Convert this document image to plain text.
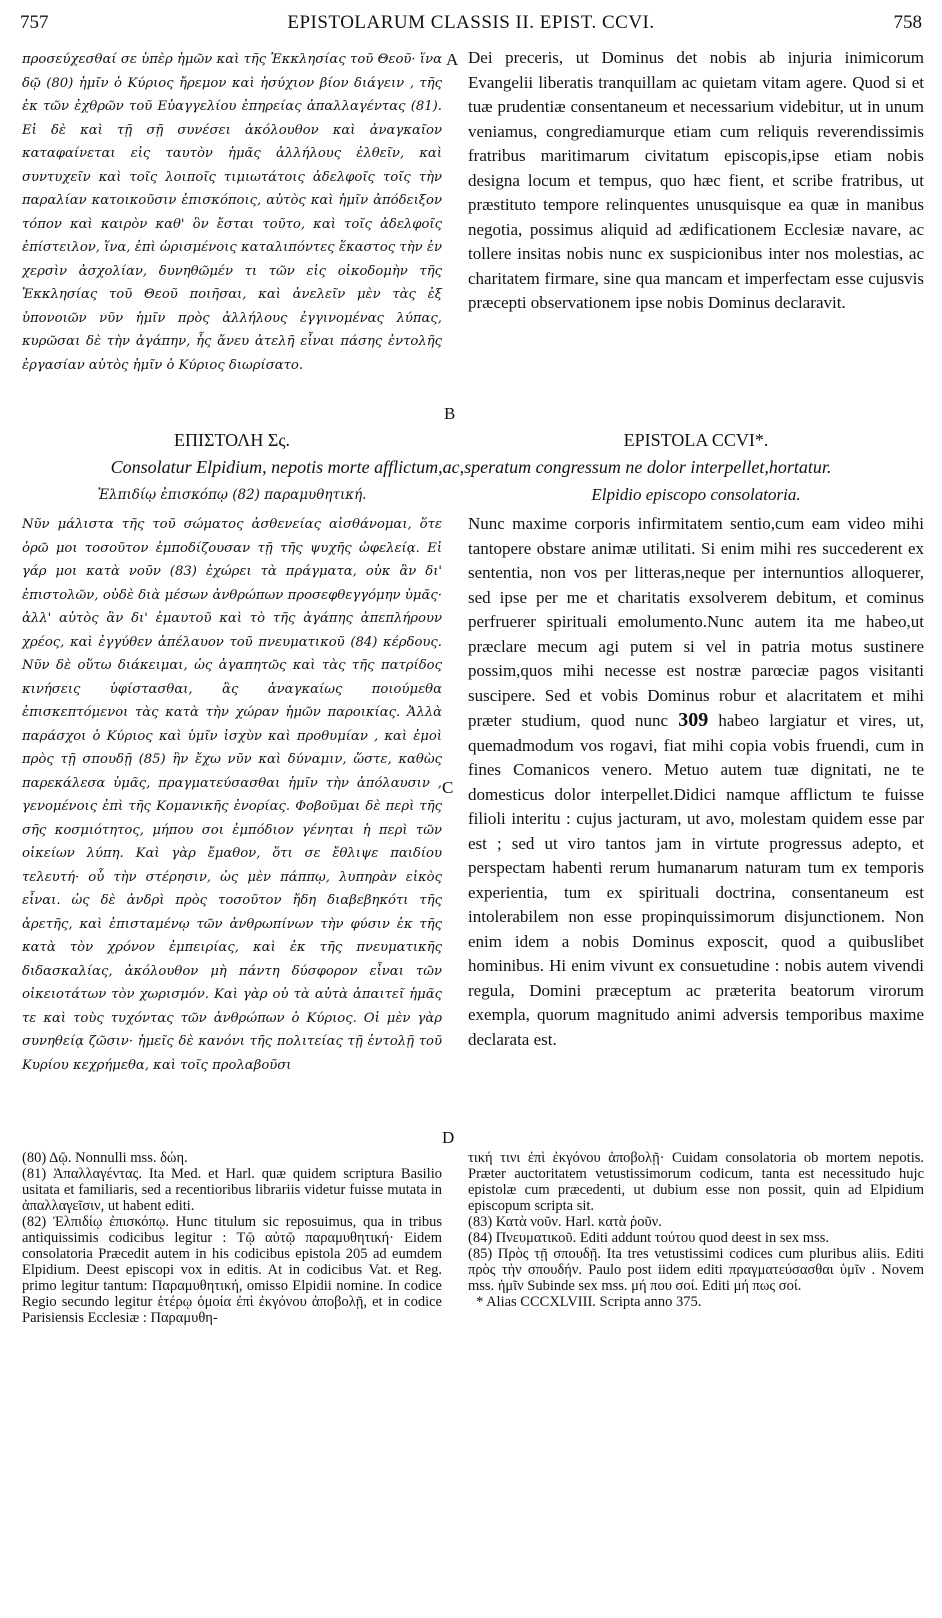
757	EPISTOLARUM CLASSIS II. EPIST. CCVI.	758

προσεύχεσθαί σε ὑπὲρ ἡμῶν καὶ τῆς Ἐκκλησίας τοῦ Θεοῦ· ἵνα δῷ (80) ἡμῖν ὁ Κύριος ἤρεμον καὶ ἡσύχιον βίον διάγειν , τῆς ἐκ τῶν ἐχθρῶν τοῦ Εὐαγγελίου ἐπηρείας ἀπαλλαγέντας (81). Εἰ δὲ καὶ τῇ σῇ συνέσει ἀκόλουθον καὶ ἀναγκαῖον καταφαίνεται εἰς ταυτὸν ἡμᾶς ἀλλήλους ἐλθεῖν, καὶ συντυχεῖν καὶ τοῖς λοιποῖς τιμιωτάτοις ἀδελφοῖς τοῖς τὴν παραλίαν κατοικοῦσιν ἐπισκόποις, αὐτὸς καὶ ἡμῖν ἀπόδειξον τόπον καὶ καιρὸν καθ' ὃν ἔσται τοῦτο, καὶ τοῖς ἀδελφοῖς ἐπίστειλον, ἵνα, ἐπὶ ὡρισμένοις καταλιπόντες ἕκαστος τὴν ἐν χερσὶν ἀσχολίαν, δυνηθῶμέν τι τῶν εἰς οἰκοδομὴν τῆς Ἐκκλησίας τοῦ Θεοῦ ποιῆσαι, καὶ ἀνελεῖν μὲν τὰς ἐξ ὑπονοιῶν νῦν ἡμῖν πρὸς ἀλλήλους ἐγγινομένας λύπας, κυρῶσαι δὲ τὴν ἀγάπην, ἧς ἄνευ ἀτελῆ εἶναι πάσης ἐντολῆς ἐργασίαν αὐτὸς ἡμῖν ὁ Κύριος διωρίσατο.

Dei preceris, ut Dominus det nobis ab injuria inimicorum Evangelii liberatis tranquillam ac quietam vitam agere. Quod si et tuæ prudentiæ consentaneum et necessarium videbitur, ut in unum veniamus, congrediamurque etiam cum reliquis reverendissimis fratribus maritimarum civitatum episcopis,ipse etiam nobis designa locum et tempus, quo hæc fient, et scribe fratribus, ut præstituto tempore relinquentes unusquisque ea quæ in manibus negotia, possimus aliquid ad ædificationem Ecclesiæ navare, ac tollere insitas nobis nunc ex suspicionibus inter nos molestias, ac charitatem firmare, sine qua mancam et imperfectam esse cujusvis præcepti observationem ipse nobis Dominus declaravit.

A
B
ΕΠΙΣΤΟΛΗ Σς.	EPISTOLA CCVI*.
Consolatur Elpidium, nepotis morte afflictum,ac,speratum congressum ne dolor interpellet,hortatur.
Ἐλπιδίῳ ἐπισκόπῳ (82) παραμυθητική.	Elpidio episcopo consolatoria.

Νῦν μάλιστα τῆς τοῦ σώματος ἀσθενείας αἰσθάνομαι, ὅτε ὁρῶ μοι τοσοῦτον ἐμποδίζουσαν τῇ τῆς ψυχῆς ὠφελείᾳ. Εἰ γάρ μοι κατὰ νοῦν (83) ἐχώρει τὰ πράγματα, οὐκ ἂν δι' ἐπιστολῶν, οὐδὲ διὰ μέσων ἀνθρώπων προσεφθεγγόμην ὑμᾶς· ἀλλ' αὐτὸς ἂν δι' ἐμαυτοῦ καὶ τὸ τῆς ἀγάπης ἀπεπλήρουν χρέος, καὶ ἐγγύθεν ἀπέλαυον τοῦ πνευματικοῦ (84) κέρδους. Νῦν δὲ οὕτω διάκειμαι, ὡς ἀγαπητῶς καὶ τὰς τῆς πατρίδος κινήσεις ὑφίστασθαι, ἃς ἀναγκαίως ποιούμεθα ἐπισκεπτόμενοι τὰς κατὰ τὴν χώραν ἡμῶν παροικίας. Ἀλλὰ παράσχοι ὁ Κύριος καὶ ὑμῖν ἰσχὺν καὶ προθυμίαν , καὶ ἐμοὶ πρὸς τῇ σπουδῇ (85) ἣν ἔχω νῦν καὶ δύναμιν, ὥστε, καθὼς παρεκάλεσα ὑμᾶς, πραγματεύσασθαι ἡμῖν τὴν ἀπόλαυσιν , γενομένοις ἐπὶ τῆς Κομανικῆς ἐνορίας. Φοβοῦμαι δὲ περὶ τῆς σῆς κοσμιότητος, μήπου σοι ἐμπόδιον γένηται ἡ περὶ τῶν οἰκείων λύπη. Καὶ γὰρ ἔμαθον, ὅτι σε ἔθλιψε παιδίου τελευτή· οὗ τὴν στέρησιν, ὡς μὲν πάππῳ, λυπηρὰν εἰκὸς εἶναι. ὡς δὲ ἀνδρὶ πρὸς τοσοῦτον ἤδη διαβεβηκότι τῆς ἀρετῆς, καὶ ἐπισταμένῳ τῶν ἀνθρωπίνων τὴν φύσιν ἐκ τῆς κατὰ τὸν χρόνον ἐμπειρίας, καὶ ἐκ τῆς πνευματικῆς διδασκαλίας, ἀκόλουθον μὴ πάντη δύσφορον εἶναι τῶν οἰκειοτάτων τὸν χωρισμόν. Καὶ γὰρ οὐ τὰ αὐτὰ ἀπαιτεῖ ἡμᾶς τε καὶ τοὺς τυχόντας τῶν ἀνθρώπων ὁ Κύριος. Οἱ μὲν γὰρ συνηθείᾳ ζῶσιν· ἡμεῖς δὲ κανόνι τῆς πολιτείας τῇ ἐντολῇ τοῦ Κυρίου κεχρήμεθα, καὶ τοῖς προλαβοῦσι

Nunc maxime corporis infirmitatem sentio,cum eam video mihi tantopere obstare animæ utilitati. Si enim mihi res succederent ex sententia, non vos per litteras,neque per internuntios alloquerer, sed ipse per me et charitatis exsolverem debitum, et cominus perfruerer spirituali emolumento.Nunc autem ita me habeo,ut præclare mecum agi putem si vel in patria motus sustinere possim,quos mihi necesse est nostræ parœciæ pagos visitanti suscipere. Sed et vobis Dominus robur et alacritatem et mihi præter studium, quod nunc 309 habeo largiatur et vires, ut, quemadmodum vos rogavi, fiat mihi copia vobis fruendi, cum in fines Comanicos venero. Metuo autem tuæ dignitati, ne te domesticus dolor interpellet.Didici namque afflictum te fuisse filioli interitu : cujus jacturam, ut avo, molestam quidem esse par est ; sed ut viro tantos jam in virtute progressus adepto, et perspectam habenti rerum humanarum naturam tum ex temporis experientia, tum ex spirituali doctrina, consentaneum est intolerabilem non esse propinquissimorum disjunctionem. Non enim idem a nobis Dominus exposcit, quod a quibuslibet hominibus. Hi enim vivunt ex consuetudine : nobis autem vivendi regula, Domini præceptum ac præterita beatorum virorum exempla, quorum magnitudo animi adversis temporibus maxime declarata est.

C
D

(80) Δῷ. Nonnulli mss. δώη.

(81) Ἀπαλλαγέντας. Ita Med. et Harl. quæ quidem scriptura Basilio usitata et familiaris, sed a recentioribus librariis videtur fuisse mutata in ἀπαλλαγεῖσιν, ut habent editi.

(82) Ἐλπιδίῳ ἐπισκόπῳ. Hunc titulum sic reposuimus, qua in tribus antiquissimis codicibus legitur : Τῷ αὐτῷ παραμυθητική· Eidem consolatoria Præcedit autem in his codicibus epistola 205 ad eumdem Elpidium. Deest episcopi vox in editis. At in codicibus Vat. et Reg. primo legitur tantum: Παραμυθητική, omisso Elpidii nomine. In codice Regio secundo legitur ἑτέρῳ ὁμοία ἐπὶ ἐκγόνου ἀποβολῇ, et in codice Parisiensis Ecclesiæ : Παραμυθη-

τική τινι ἐπὶ ἐκγόνου ἀποβολῇ· Cuidam consolatoria ob mortem nepotis. Præter auctoritatem vetustissimorum codicum, tanta est necessitudo hujc epistolæ cum præcedenti, ut dubium esse non possit, quin ad Elpidium episcopum scripta sit.

(83) Κατὰ νοῦν. Harl. κατὰ ῥοῦν.

(84) Πνευματικοῦ. Editi addunt τούτου quod deest in sex mss.

(85) Πρὸς τῇ σπουδῇ. Ita tres vetustissimi codices cum pluribus aliis. Editi πρὸς τὴν σπουδήν. Paulo post iidem editi πραγματεύσασθαι ὑμῖν . Novem mss. ἡμῖν Subinde sex mss. μή που σοί. Editi μή πως σοί.

* Alias CCCXLVIII. Scripta anno 375.
